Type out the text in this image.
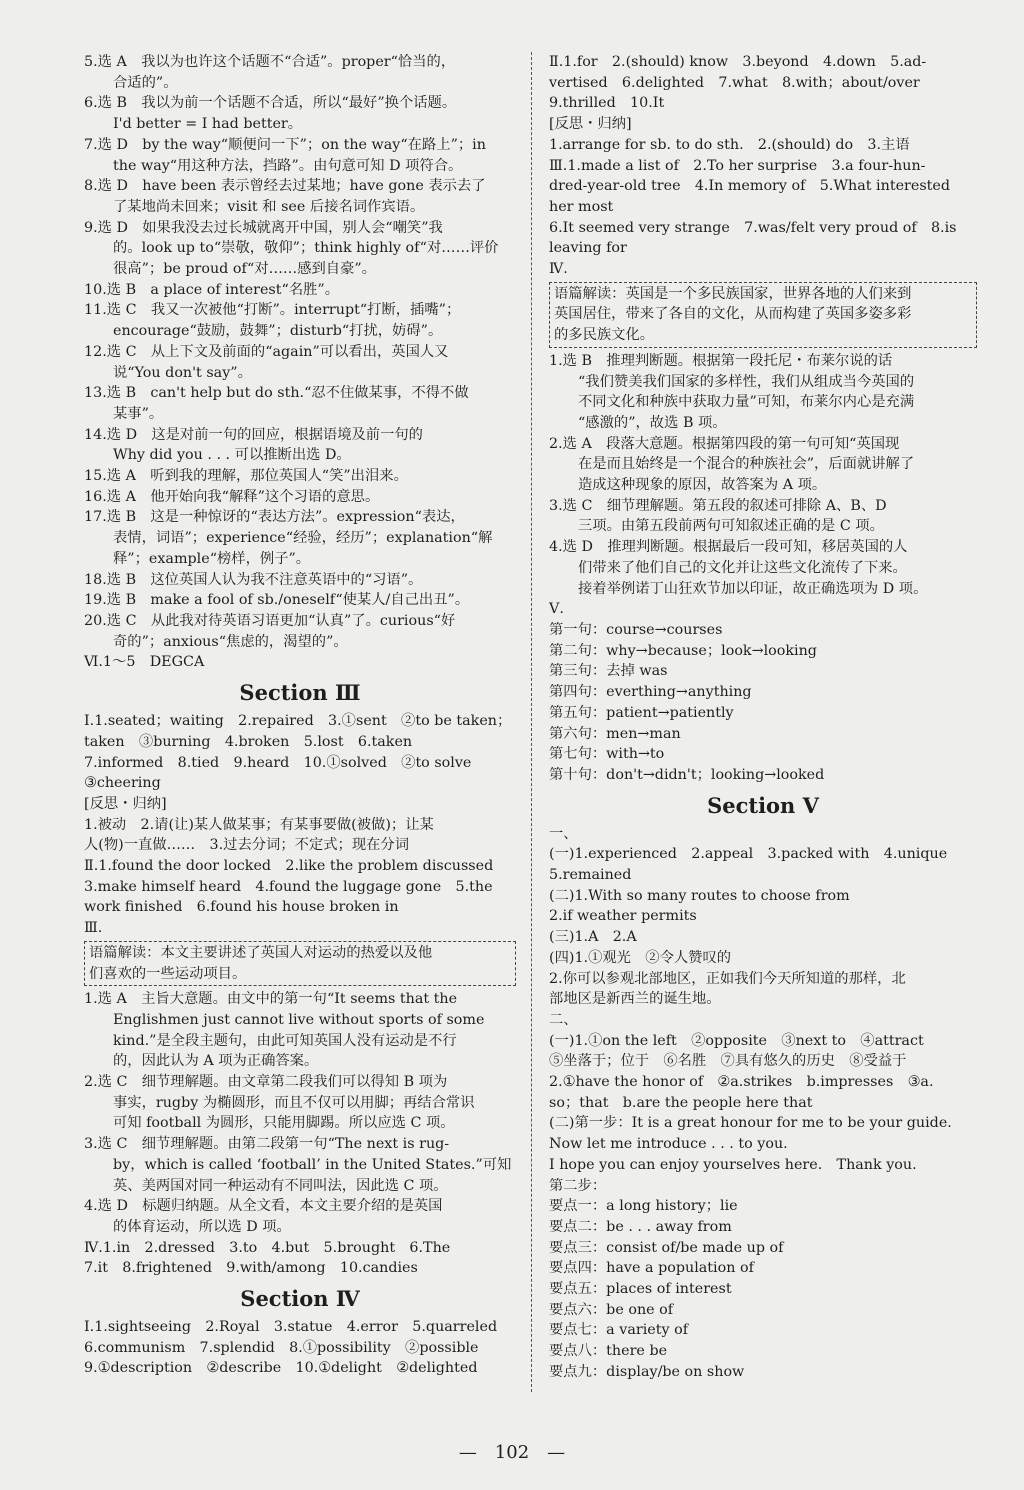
5.选 A　我以为也许这个话题不“合适”。proper“恰当的，
合适的”。
6.选 B　我以为前一个话题不合适，所以“最好”换个话题。
I'd better = I had better。
7.选 D　by the way“顺便问一下”；on the way“在路上”；in
the way“用这种方法，挡路”。由句意可知 D 项符合。
8.选 D　have been 表示曾经去过某地；have gone 表示去了
了某地尚未回来；visit 和 see 后接名词作宾语。
9.选 D　如果我没去过长城就离开中国，别人会“嘲笑”我
的。look up to“崇敬，敬仰”；think highly of“对……评价
很高”；be proud of“对……感到自豪”。
10.选 B　a place of interest“名胜”。
11.选 C　我又一次被他“打断”。interrupt“打断，插嘴”；
encourage“鼓励，鼓舞”；disturb“打扰，妨碍”。
12.选 C　从上下文及前面的“again”可以看出，英国人又
说“You don't say”。
13.选 B　can't help but do sth.“忍不住做某事，不得不做
某事”。
14.选 D　这是对前一句的回应，根据语境及前一句的
Why did you . . . 可以推断出选 D。
15.选 A　听到我的理解，那位英国人“笑”出泪来。
16.选 A　他开始向我“解释”这个习语的意思。
17.选 B　这是一种惊讶的“表达方法”。expression“表达，
表情，词语”；experience“经验，经历”；explanation“解
释”；example“榜样，例子”。
18.选 B　这位英国人认为我不注意英语中的“习语”。
19.选 B　make a fool of sb./oneself“使某人/自己出丑”。
20.选 C　从此我对待英语习语更加“认真”了。curious“好
奇的”；anxious“焦虑的，渴望的”。
Ⅵ.1～5　DEGCA
Section Ⅲ
Ⅰ.1.seated；waiting　2.repaired　3.①sent　②to be taken；
taken　③burning　4.broken　5.lost　6.taken
7.informed　8.tied　9.heard　10.①solved　②to solve
③cheering
[反思・归纳]
1.被动　2.请(让)某人做某事；有某事要做(被做)；让某
人(物)一直做……　3.过去分词；不定式；现在分词
Ⅱ.1.found the door locked　2.like the problem discussed
3.make himself heard　4.found the luggage gone　5.the
work finished　6.found his house broken in
Ⅲ.
语篇解读：本文主要讲述了英国人对运动的热爱以及他
们喜欢的一些运动项目。
1.选 A　主旨大意题。由文中的第一句“It seems that the
Englishmen just cannot live without sports of some
kind.”是全段主题句，由此可知英国人没有运动是不行
的，因此认为 A 项为正确答案。
2.选 C　细节理解题。由文章第二段我们可以得知 B 项为
事实，rugby 为椭圆形，而且不仅可以用脚；再结合常识
可知 football 为圆形，只能用脚踢。所以应选 C 项。
3.选 C　细节理解题。由第二段第一句“The next is rug-
by，which is called ‘football’ in the United States.”可知
英、美两国对同一种运动有不同叫法，因此选 C 项。
4.选 D　标题归纳题。从全文看，本文主要介绍的是英国
的体育运动，所以选 D 项。
Ⅳ.1.in　2.dressed　3.to　4.but　5.brought　6.The
7.it　8.frightened　9.with/among　10.candies
Section Ⅳ
Ⅰ.1.sightseeing　2.Royal　3.statue　4.error　5.quarreled
6.communism　7.splendid　8.①possibility　②possible
9.①description　②describe　10.①delight　②delighted
Ⅱ.1.for　2.(should) know　3.beyond　4.down　5.ad-
vertised　6.delighted　7.what　8.with；about/over
9.thrilled　10.It
[反思・归纳]
1.arrange for sb. to do sth.　2.(should) do　3.主语
Ⅲ.1.made a list of　2.To her surprise　3.a four-hun-
dred-year-old tree　4.In memory of　5.What interested
her most
6.It seemed very strange　7.was/felt very proud of　8.is
leaving for
Ⅳ.
语篇解读：英国是一个多民族国家，世界各地的人们来到
英国居住，带来了各自的文化，从而构建了英国多姿多彩
的多民族文化。
1.选 B　推理判断题。根据第一段托尼・布莱尔说的话
“我们赞美我们国家的多样性，我们从组成当今英国的
不同文化和种族中获取力量”可知，布莱尔内心是充满
“感激的”，故选 B 项。
2.选 A　段落大意题。根据第四段的第一句可知“英国现
在是而且始终是一个混合的种族社会”，后面就讲解了
造成这种现象的原因，故答案为 A 项。
3.选 C　细节理解题。第五段的叙述可排除 A、B、D
三项。由第五段前两句可知叙述正确的是 C 项。
4.选 D　推理判断题。根据最后一段可知，移居英国的人
们带来了他们自己的文化并让这些文化流传了下来。
接着举例诺丁山狂欢节加以印证，故正确选项为 D 项。
Ⅴ.
第一句：course→courses
第二句：why→because；look→looking
第三句：去掉 was
第四句：everthing→anything
第五句：patient→patiently
第六句：men→man
第七句：with→to
第十句：don't→didn't；looking→looked
Section Ⅴ
一、
(一)1.experienced　2.appeal　3.packed with　4.unique
5.remained
(二)1.With so many routes to choose from
2.if weather permits
(三)1.A　2.A
(四)1.①观光　②令人赞叹的
2.你可以参观北部地区，正如我们今天所知道的那样，北
部地区是新西兰的诞生地。
二、
(一)1.①on the left　②opposite　③next to　④attract
⑤坐落于；位于　⑥名胜　⑦具有悠久的历史　⑧受益于
2.①have the honor of　②a.strikes　b.impresses　③a.
so；that　b.are the people here that
(二)第一步：It is a great honour for me to be your guide.
Now let me introduce . . . to you.
I hope you can enjoy yourselves here.　Thank you.
第二步：
要点一：a long history；lie
要点二：be . . . away from
要点三：consist of/be made up of
要点四：have a population of
要点五：places of interest
要点六：be one of
要点七：a variety of
要点八：there be
要点九：display/be on show
—　102　—
